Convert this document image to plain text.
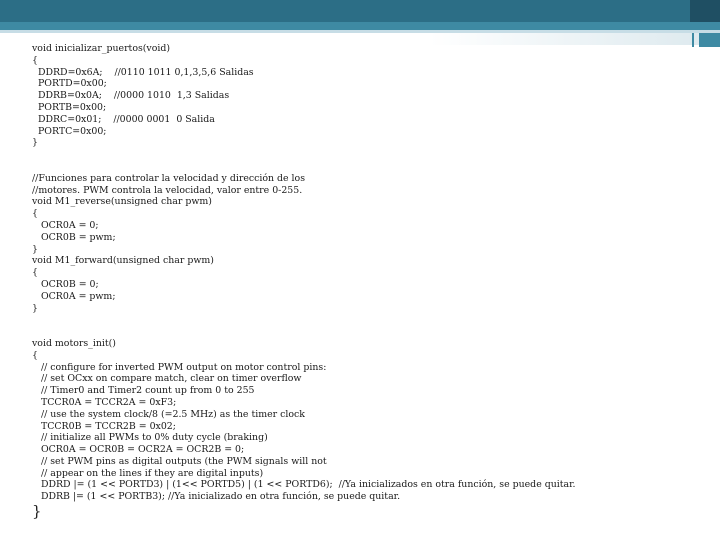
void inicializar_puertos(void)
{
DDRD=0x6A;    //0110 1011 0,1,3,5,6 Salidas
PORTD=0x00;
DDRB=0x0A;    //0000 1010  1,3 Salidas
PORTB=0x00;
DDRC=0x01;    //0000 0001  0 Salida
PORTC=0x00;
}
//Funciones para controlar la velocidad y dirección de los
//motores. PWM controla la velocidad, valor entre 0-255.
void M1_reverse(unsigned char pwm)
{
OCR0A = 0;
OCR0B = pwm;
}
void M1_forward(unsigned char pwm)
{
OCR0B = 0;
OCR0A = pwm;
}
void motors_init()
{
// configure for inverted PWM output on motor control pins:
// set OCxx on compare match, clear on timer overflow
// Timer0 and Timer2 count up from 0 to 255
TCCR0A = TCCR2A = 0xF3;
// use the system clock/8 (=2.5 MHz) as the timer clock
TCCR0B = TCCR2B = 0x02;
// initialize all PWMs to 0% duty cycle (braking)
OCR0A = OCR0B = OCR2A = OCR2B = 0;
// set PWM pins as digital outputs (the PWM signals will not
// appear on the lines if they are digital inputs)
DDRD |= (1 << PORTD3) | (1<< PORTD5) | (1 << PORTD6);  //Ya inicializados en otra función, se puede quitar.
DDRB |= (1 << PORTB3); //Ya inicializado en otra función, se puede quitar.
}
